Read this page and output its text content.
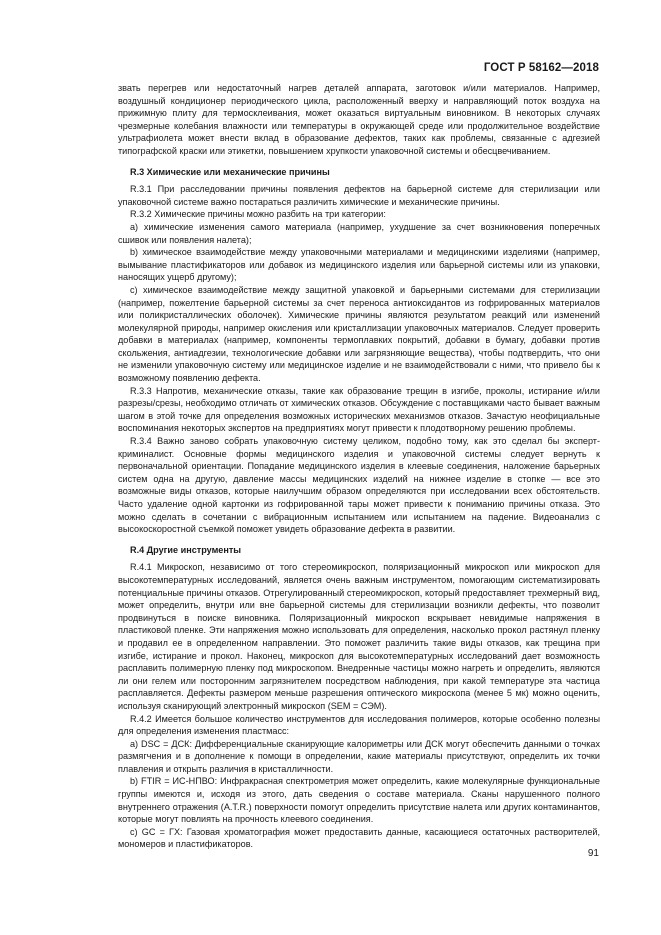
ГОСТ Р 58162—2018

звать перегрев или недостаточный нагрев деталей аппарата, заготовок и/или материалов. Например, воздушный кондиционер периодического цикла, расположенный вверху и направляющий поток воздуха на прижимную плиту для термосклеивания, может оказаться виртуальным виновником. В некоторых случаях чрезмерные колебания влажности или температуры в окружающей среде или продолжительное воздействие ультрафиолета может внести вклад в образование дефектов, таких как проблемы, связанные с адгезией типографской краски или этикетки, повышением хрупкости упаковочной системы и обесцвечиванием.

R.3 Химические или механические причины

R.3.1 При расследовании причины появления дефектов на барьерной системе для стерилизации или упаковочной системе важно постараться различить химические и механические причины.

R.3.2 Химические причины можно разбить на три категории:

а) химические изменения самого материала (например, ухудшение за счет возникновения поперечных сшивок или появления налета);

b) химическое взаимодействие между упаковочными материалами и медицинскими изделиями (например, вымывание пластификаторов или добавок из медицинского изделия или барьерной системы или из упаковки, наносящих ущерб другому);

c) химическое взаимодействие между защитной упаковкой и барьерными системами для стерилизации (например, пожелтение барьерной системы за счет переноса антиоксидантов из гофрированных материалов или поликристаллических оболочек). Химические причины являются результатом реакций или изменений молекулярной природы, например окисления или кристаллизации упаковочных материалов. Следует проверить добавки в материалах (например, компоненты термоплавких покрытий, добавки в бумагу, добавки против скольжения, антиадгезии, технологические добавки или загрязняющие вещества), чтобы подтвердить, что они не изменили упаковочную систему или медицинское изделие и не взаимодействовали с ними, что привело бы к возможному появлению дефекта.

R.3.3 Напротив, механические отказы, такие как образование трещин в изгибе, проколы, истирание и/или разрезы/срезы, необходимо отличать от химических отказов. Обсуждение с поставщиками часто бывает важным шагом в этой точке для определения возможных исторических механизмов отказов. Зачастую неофициальные воспоминания некоторых экспертов на предприятиях могут привести к плодотворному решению проблемы.

R.3.4 Важно заново собрать упаковочную систему целиком, подобно тому, как это сделал бы эксперт-криминалист. Основные формы медицинского изделия и упаковочной системы следует вернуть к первоначальной ориентации. Попадание медицинского изделия в клеевые соединения, наложение барьерных систем одна на другую, давление массы медицинских изделий на нижнее изделие в стопке — все это возможные виды отказов, которые наилучшим образом определяются при исследовании всех обстоятельств. Часто удаление одной картонки из гофрированной тары может привести к пониманию причины отказа. Это можно сделать в сочетании с вибрационным испытанием или испытанием на падение. Видеоанализ с высокоскоростной съемкой поможет увидеть образование дефекта в развитии.

R.4 Другие инструменты

R.4.1 Микроскоп, независимо от того стереомикроскоп, поляризационный микроскоп или микроскоп для высокотемпературных исследований, является очень важным инструментом, помогающим систематизировать потенциальные причины отказов. Отрегулированный стереомикроскоп, который предоставляет трехмерный вид, может определить, внутри или вне барьерной системы для стерилизации возникли дефекты, что позволит продвинуться в поиске виновника. Поляризационный микроскоп вскрывает невидимые напряжения в пластиковой пленке. Эти напряжения можно использовать для определения, насколько прокол растянул пленку и продавил ее в определенном направлении. Это поможет различить такие виды отказов, как трещина при изгибе, истирание и прокол. Наконец, микроскоп для высокотемпературных исследований дает возможность расплавить полимерную пленку под микроскопом. Внедренные частицы можно нагреть и определить, являются ли они гелем или посторонним загрязнителем посредством наблюдения, при какой температуре эта частица расплавляется. Дефекты размером меньше разрешения оптического микроскопа (менее 5 мк) можно оценить, используя сканирующий электронный микроскоп (SEM = СЭМ).

R.4.2 Имеется большое количество инструментов для исследования полимеров, которые особенно полезны для определения изменения пластмасс:

а) DSC = ДСК: Дифференциальные сканирующие калориметры или ДСК могут обеспечить данными о точках размягчения и в дополнение к помощи в определении, какие материалы присутствуют, определить их точки плавления и открыть различия в кристалличности.

b) FTIR = ИС-НПВО: Инфракрасная спектрометрия может определить, какие молекулярные функциональные группы имеются и, исходя из этого, дать сведения о составе материала. Сканы нарушенного полного внутреннего отражения (A.T.R.) поверхности помогут определить присутствие налета или других контаминантов, которые могут повлиять на прочность клеевого соединения.

c) GC = ГХ: Газовая хроматография может предоставить данные, касающиеся остаточных растворителей, мономеров и пластификаторов.

91
